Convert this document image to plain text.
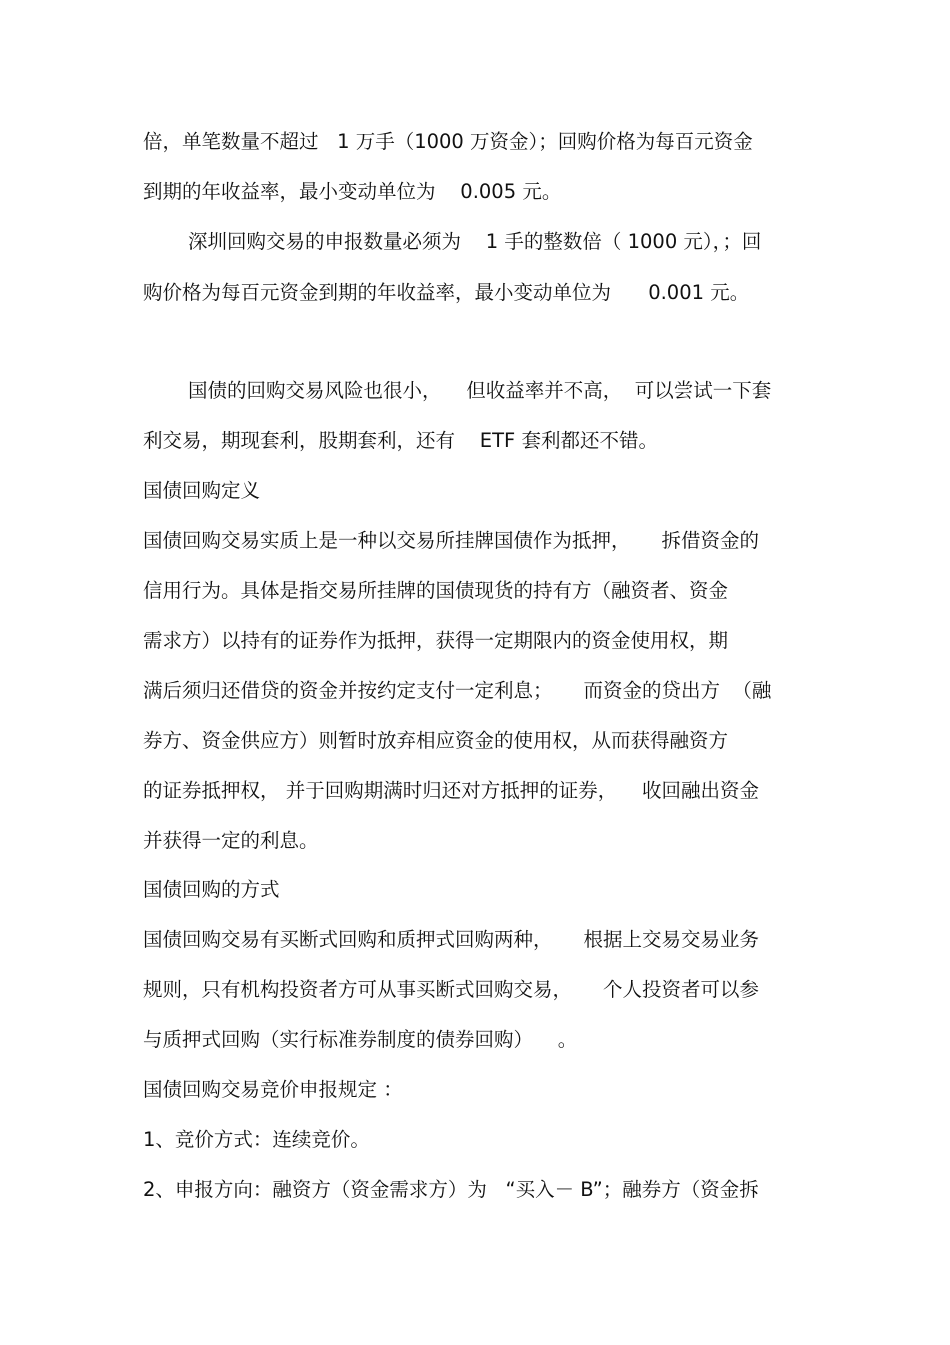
倍，单笔数量不超过   1 万手（1000 万资金）；回购价格为每百元资金
到期的年收益率，最小变动单位为    0.005 元。
深圳回购交易的申报数量必须为    1 手的整数倍（ 1000 元），；回
购价格为每百元资金到期的年收益率，最小变动单位为      0.001 元。
国债的回购交易风险也很小，    但收益率并不高，  可以尝试一下套
利交易，期现套利，股期套利，还有    ETF 套利都还不错。
国债回购定义
国债回购交易实质上是一种以交易所挂牌国债作为抵押，     拆借资金的
信用行为。具体是指交易所挂牌的国债现货的持有方（融资者、资金
需求方）以持有的证券作为抵押，获得一定期限内的资金使用权，期
满后须归还借贷的资金并按约定支付一定利息；     而资金的贷出方  （融
券方、资金供应方）则暂时放弃相应资金的使用权，从而获得融资方
的证券抵押权， 并于回购期满时归还对方抵押的证券，    收回融出资金
并获得一定的利息。
国债回购的方式
国债回购交易有买断式回购和质押式回购两种，     根据上交易交易业务
规则，只有机构投资者方可从事买断式回购交易，     个人投资者可以参
与质押式回购（实行标准券制度的债券回购）    。
国债回购交易竞价申报规定 ：
1、竞价方式：连续竞价。
2、申报方向：融资方（资金需求方）为   “买入－ B”；融券方（资金拆
